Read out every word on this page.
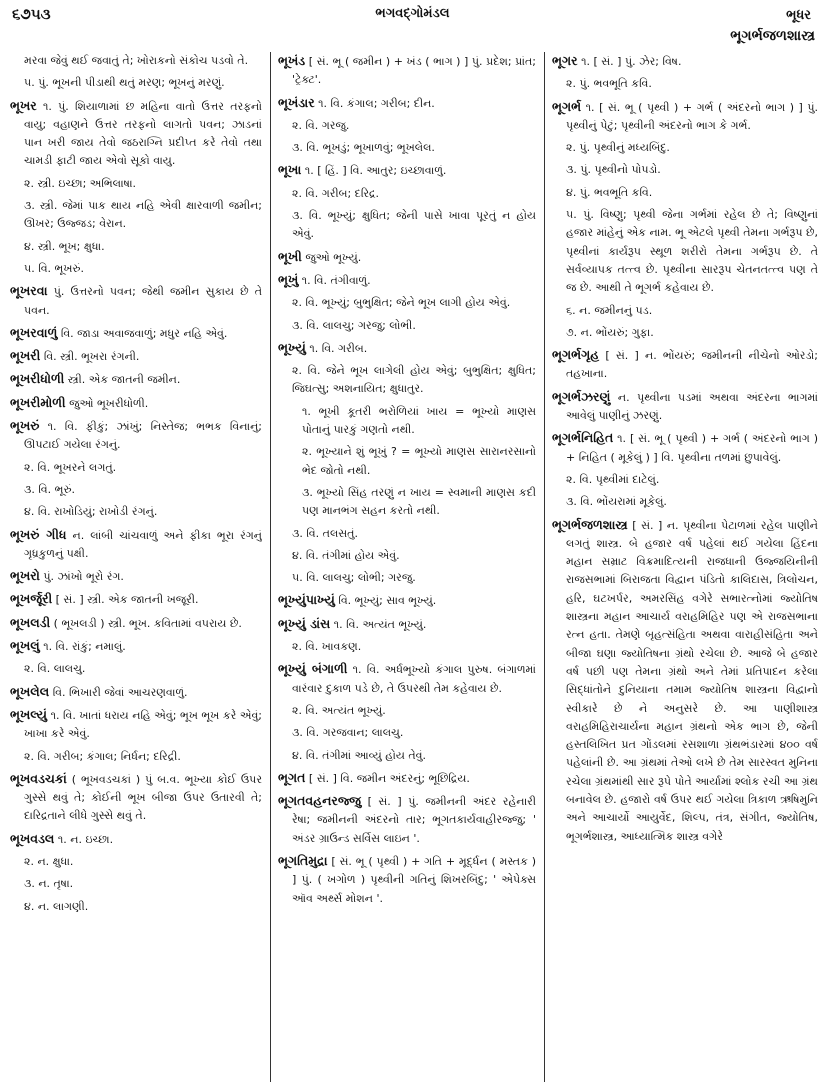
૬૭૫૩	ભગવદ્ગોમંડલ	ભૂધર
ભૂગર્ભજળશાસ્ત્ર

મરવા જેવું થઈ જવાતું તે; ખોરાકનો સંકોચ પડવો તે.

૫. પું. ભૂખની પીડાથી થતું મરણ; ભૂખનું મરણું.

ભૂખર ૧. પું. શિયાળામાં છ મહિના વાતો ઉત્તર તરફનો વાયુ; વહાણને ઉત્તર તરફનો લાગતો પવન; ઝાડનાં પાન ખરી જાય તેવો જઠરાગ્નિ પ્રદીપ્ત કરે તેવો તથા ચામડી ફાટી જાય એવો સૂકો વાયુ.

૨. સ્ત્રી. ઇચ્છા; અભિલાષા.

૩. સ્ત્રી. જેમાં પાક થાય નહિ એવી ક્ષારવાળી જમીન; ઊખર; ઉજ્જડ; વેરાન.

૪. સ્ત્રી. ભૂખ; ક્ષુધા.

૫. વિ. ભૂખરું.

ભૂખરવા પું. ઉત્તરનો પવન; જેથી જમીન સુકાય છે તે પવન.

ભૂખરવાળું વિ. જાડા અવાજવાળું; મધુર નહિ એવું.

ભૂખરી વિ. સ્ત્રી. ભૂખરા રંગની.

ભૂખરીધોળી સ્ત્રી. એક જાતની જમીન.

ભૂખરીમોળી જુઓ ભૂખરીધોળી.

ભૂખરું ૧. વિ. ફીકું; ઝાંખું; નિસ્તેજ; ભભક વિનાનું; ઊપટાઈ ગયેલા રંગનું.

૨. વિ. ભૂખરને લગતું.

૩. વિ. ભૂરું.

૪. વિ. રાખોડિયું; રાખોડી રંગનું.

ભૂખરું ગીધ ન. લાંબી ચાંચવાળું અને ફીકા ભૂરા રંગનું ગૃધ્રકુળનું પક્ષી.

ભૂખરો પું. ઝાંખો ભૂરો રંગ.

ભૂખર્જૂરી [ સં. ] સ્ત્રી. એક જાતની ખજૂરી.

ભૂખલડી ( ભૂખલડી ) સ્ત્રી. ભૂખ. કવિતામાં વપરાય છે.

ભૂખલું ૧. વિ. રાંકું; નમાલું.

૨. વિ. લાલચુ.

ભૂખલેલ વિ. ભિખારી જેવાં આચરણવાળું.

ભૂખલ્યું ૧. વિ. ખાતાં ધરાય નહિ એવું; ભૂખ ભૂખ કરે એવું; ખાખા કરે એવું.

૨. વિ. ગરીબ; કંગાલ; નિર્ધન; દરિદ્રી.

ભૂખવડચકાં ( ભૂખવડચકાં ) પું બ.વ. ભૂખ્યા કોઈ ઉપર ગુસ્સે થવું તે; કોઈની ભૂખ બીજા ઉપર ઉતારવી તે; દારિદ્રતાને લીધે ગુસ્સે થવું તે.

ભૂખવડલ ૧. ન. ઇચ્છા.

૨. ન. ક્ષુધા.

૩. ન. તૃષા.

૪. ન. લાગણી.

ભૂખંડ [ સં. ભૂ ( જમીન ) + ખંડ ( ભાગ ) ] પું. પ્રદેશ; પ્રાંત; 'ટ્રેક્ટ'.

ભૂખંડાર ૧. વિ. કંગાલ; ગરીબ; દીન.

૨. વિ. ગરજુ.

૩. વિ. ભૂખડું; ભૂખાળવું; ભૂખલેલ.

ભૂખા ૧. [ હિં. ] વિ. આતુર; ઇચ્છાવાળું.

૨. વિ. ગરીબ; દરિદ્ર.

૩. વિ. ભૂખ્યું; ક્ષુધિત; જેની પાસે ખાવા પૂરતું ન હોય એવું.

ભૂખી જુઓ ભૂખ્યું.

ભૂખું ૧. વિ. તંગીવાળું.

૨. વિ. ભૂખ્યું; બુભુક્ષિત; જેને ભૂખ લાગી હોય એવું.

૩. વિ. લાલચુ; ગરજુ; લોભી.

ભૂખ્યું ૧. વિ. ગરીબ.

૨. વિ. જેને ભૂખ લાગેલી હોય એવું; બુભુક્ષિત; ક્ષુધિત; જિઘત્સુ; અશનાયિત; ક્ષુધાતુર.

૧. ભૂખી કૂતરી ભરોળિયાં ખાય = ભૂખ્યો માણસ પોતાનું પારકું ગણતો નથી.

૨. ભૂખ્યાને શું ભૂખું ? = ભૂખ્યો માણસ સારાનરસાનો ભેદ જોતો નથી.

૩. ભૂખ્યો સિંહ તરણું ન ખાય = સ્વમાની માણસ કદી પણ માનભંગ સહન કરતો નથી.

૩. વિ. તલસતું.

૪. વિ. તંગીમાં હોય એવું.

૫. વિ. લાલચુ; લોભી; ગરજુ.

ભૂખ્યુંપાખ્યું વિ. ભૂખ્યું; સાવ ભૂખ્યું.

ભૂખ્યું ડાંસ ૧. વિ. અત્યંત ભૂખ્યું.

૨. વિ. ખાવકણ.

ભૂખ્યું બંગાળી ૧. વિ. અર્ધભૂખ્યો કંગાલ પુરુષ. બંગાળમાં વારંવાર દુકાળ પડે છે, તે ઉપરથી તેમ કહેવાય છે.

૨. વિ. અત્યંત ભૂખ્યું.

૩. વિ. ગરજવાન; લાલચુ.

૪. વિ. તંગીમાં આવ્યું હોય તેવું.

ભૂગત [ સં. ] વિ. જમીન અંદરનું; ભૂછિદ્રિય.

ભૂગતવહનરજ્જુ [ સં. ] પું. જમીનની અંદર રહેનારી રેષા; જમીનની અંદરનો તાર; ભૂગતકાર્યવાહીરજ્જુ; ' અંડર ગ્રાઉન્ડ સર્વિસ લાઇન '.

ભૂગતિમુદ્રા [ સં. ભૂ ( પૃથ્વી ) + ગતિ + મૂર્દ્ધન ( મસ્તક ) ] પું. ( ખગોળ ) પૃથ્વીની ગતિનું શિખરબિંદુ; ' એપેક્સ ઑવ અર્થ્સ મોશન '.

ભૂગર ૧. [ સં. ] પું. ઝેર; વિષ.

૨. પું. ભવભૂતિ કવિ.

ભૂગર્ભ ૧. [ સં. ભૂ ( પૃથ્વી ) + ગર્ભ ( અંદરનો ભાગ ) ] પું. પૃથ્વીનું પેટું; પૃથ્વીની અંદરનો ભાગ કે ગર્ભ.

૨. પું. પૃથ્વીનું મધ્યબિંદુ.

૩. પું. પૃથ્વીનો પોપડો.

૪. પું. ભવભૂતિ કવિ.

૫. પું. વિષ્ણુ; પૃથ્વી જેના ગર્ભમાં રહેલ છે તે; વિષ્ણુનાં હજાર માંહેનું એક નામ. ભૂ એટલે પૃથ્વી તેમના ગર્ભરૂપ છે, પૃથ્વીનાં કાર્યરૂપ સ્થૂળ શરીરો તેમના ગર્ભરૂપ છે. તે સર્વવ્યાપક તત્ત્વ છે. પૃથ્વીના સારરૂપ ચેતનતત્ત્વ પણ તે જ છે. આથી તે ભૂગર્ભ કહેવાય છે.

૬. ન. જમીનનું પડ.

૭. ન. ભોંયરું; ગુફા.

ભૂગર્ભગૃહ [ સં. ] ન. ભોંયરું; જમીનની નીચેનો ઓરડો; તહખાના.

ભૂગર્ભઝરણું ન. પૃથ્વીના પડમાં અથવા અંદરના ભાગમાં આવેલું પાણીનું ઝરણું.

ભૂગર્ભનિહિત ૧. [ સં. ભૂ ( પૃથ્વી ) + ગર્ભ ( અંદરનો ભાગ ) + નિહિત ( મૂકેલું ) ] વિ. પૃથ્વીના તળમાં છુપાવેલું.

૨. વિ. પૃથ્વીમાં દાટેલું.

૩. વિ. ભોંયરામાં મૂકેલું.

ભૂગર્ભજળશાસ્ત્ર [ સં. ] ન. પૃથ્વીના પેટાળમાં રહેલ પાણીને લગતું શાસ્ત્ર. બે હજાર વર્ષ પહેલાં થઈ ગયેલા હિંદના મહાન સમ્રાટ વિક્રમાદિત્યની રાજધાની ઉજ્જયિનીની રાજસભામાં બિરાજતા વિદ્વાન પંડિતો કાલિદાસ, ત્રિલોચન, હરિ, ઘટખર્પર, અમરસિંહ વગેરે સભારત્નોમાં જ્યોતિષ શાસ્ત્રના મહાન આચાર્ય વરાહમિહિર પણ એ રાજસભાના રત્ન હતા. તેમણે બૃહત્સંહિતા અથવા વારાહીસંહિતા અને બીજા ઘણા જ્યોતિષના ગ્રંથો રચેલા છે. આજે બે હજાર વર્ષ પછી પણ તેમના ગ્રંથો અને તેમાં પ્રતિપાદન કરેલા સિદ્ધાંતોને દુનિયાના તમામ જ્યોતિષ શાસ્ત્રના વિદ્વાનો સ્વીકારે છે ને અનુસરે છે. આ પાણીશાસ્ત્ર વરાહમિહિરાચાર્યના મહાન ગ્રંથનો એક ભાગ છે, જેની હસ્તલિખિત પ્રત ગોંડલમાં રસશાળા ગ્રંથભંડારમાં ૪૦૦ વર્ષ પહેલાંની છે. આ ગ્રંથમાં તેઓ લખે છે તેમ સારસ્વત મુનિના રચેલા ગ્રંથમાંથી સાર રૂપે પોતે આર્યામાં શ્લોક રચી આ ગ્રંથ બનાવેલ છે. હજારો વર્ષ ઉપર થઈ ગયેલા ત્રિકાળ ઋષિમુનિ અને આચાર્યો આયુર્વેદ, શિલ્પ, તંત્ર, સંગીત, જ્યોતિષ, ભૂગર્ભશાસ્ત્ર, આધ્યાત્મિક શાસ્ત્ર વગેરે
